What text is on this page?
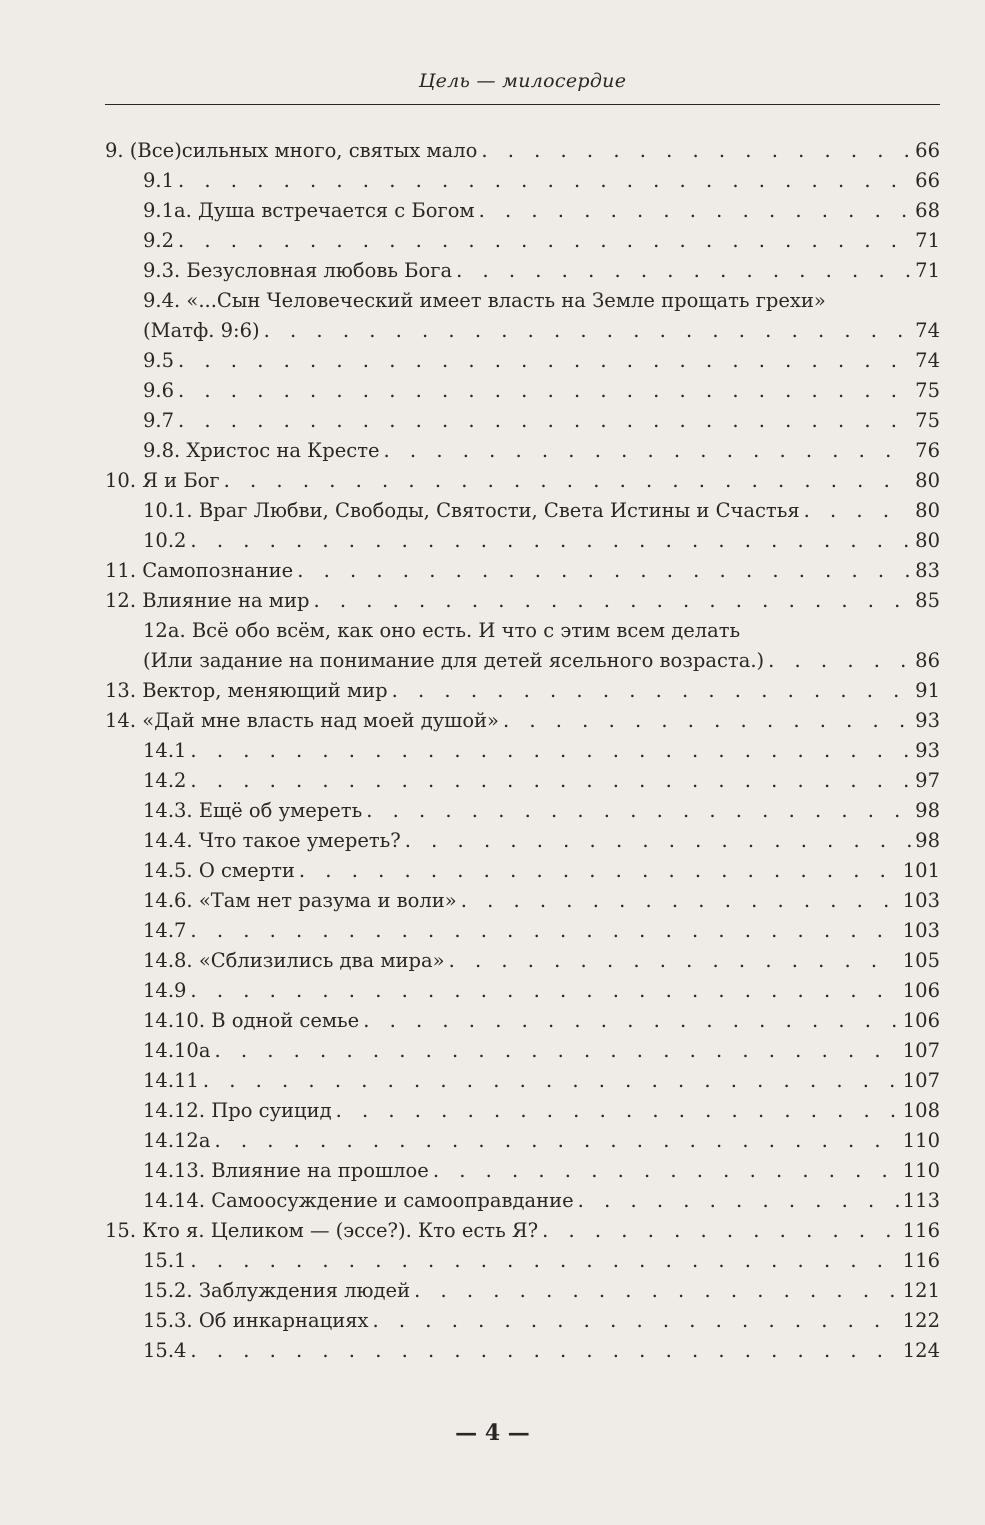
Цель — милосердие
9. (Все)сильных много, святых мало . . .	66
9.1 . . .	66
9.1а. Душа встречается с Богом . . .	68
9.2 . . .	71
9.3. Безусловная любовь Бога . . .	71
9.4. «...Сын Человеческий имеет власть на Земле прощать грехи»
(Матф. 9:6) . . .	74
9.5 . . .	74
9.6 . . .	75
9.7 . . .	75
9.8. Христос на Кресте . . .	76
10. Я и Бог . . .	80
10.1. Враг Любви, Свободы, Святости, Света Истины и Счастья . . .	80
10.2 . . .	80
11. Самопознание . . .	83
12. Влияние на мир . . .	85
12а. Всё обо всём, как оно есть. И что с этим всем делать
(Или задание на понимание для детей ясельного возраста.) . . .	86
13. Вектор, меняющий мир . . .	91
14. «Дай мне власть над моей душой» . . .	93
14.1 . . .	93
14.2 . . .	97
14.3. Ещё об умереть . . .	98
14.4. Что такое умереть? . . .	98
14.5. О смерти . . .	101
14.6. «Там нет разума и воли» . . .	103
14.7 . . .	103
14.8. «Сблизились два мира» . . .	105
14.9 . . .	106
14.10. В одной семье . . .	106
14.10а . . .	107
14.11 . . .	107
14.12. Про суицид . . .	108
14.12а . . .	110
14.13. Влияние на прошлое . . .	110
14.14. Самоосуждение и самооправдание . . .	113
15. Кто я. Целиком — (эссе?). Кто есть Я? . . .	116
15.1 . . .	116
15.2. Заблуждения людей . . .	121
15.3. Об инкарнациях . . .	122
15.4 . . .	124
— 4 —
